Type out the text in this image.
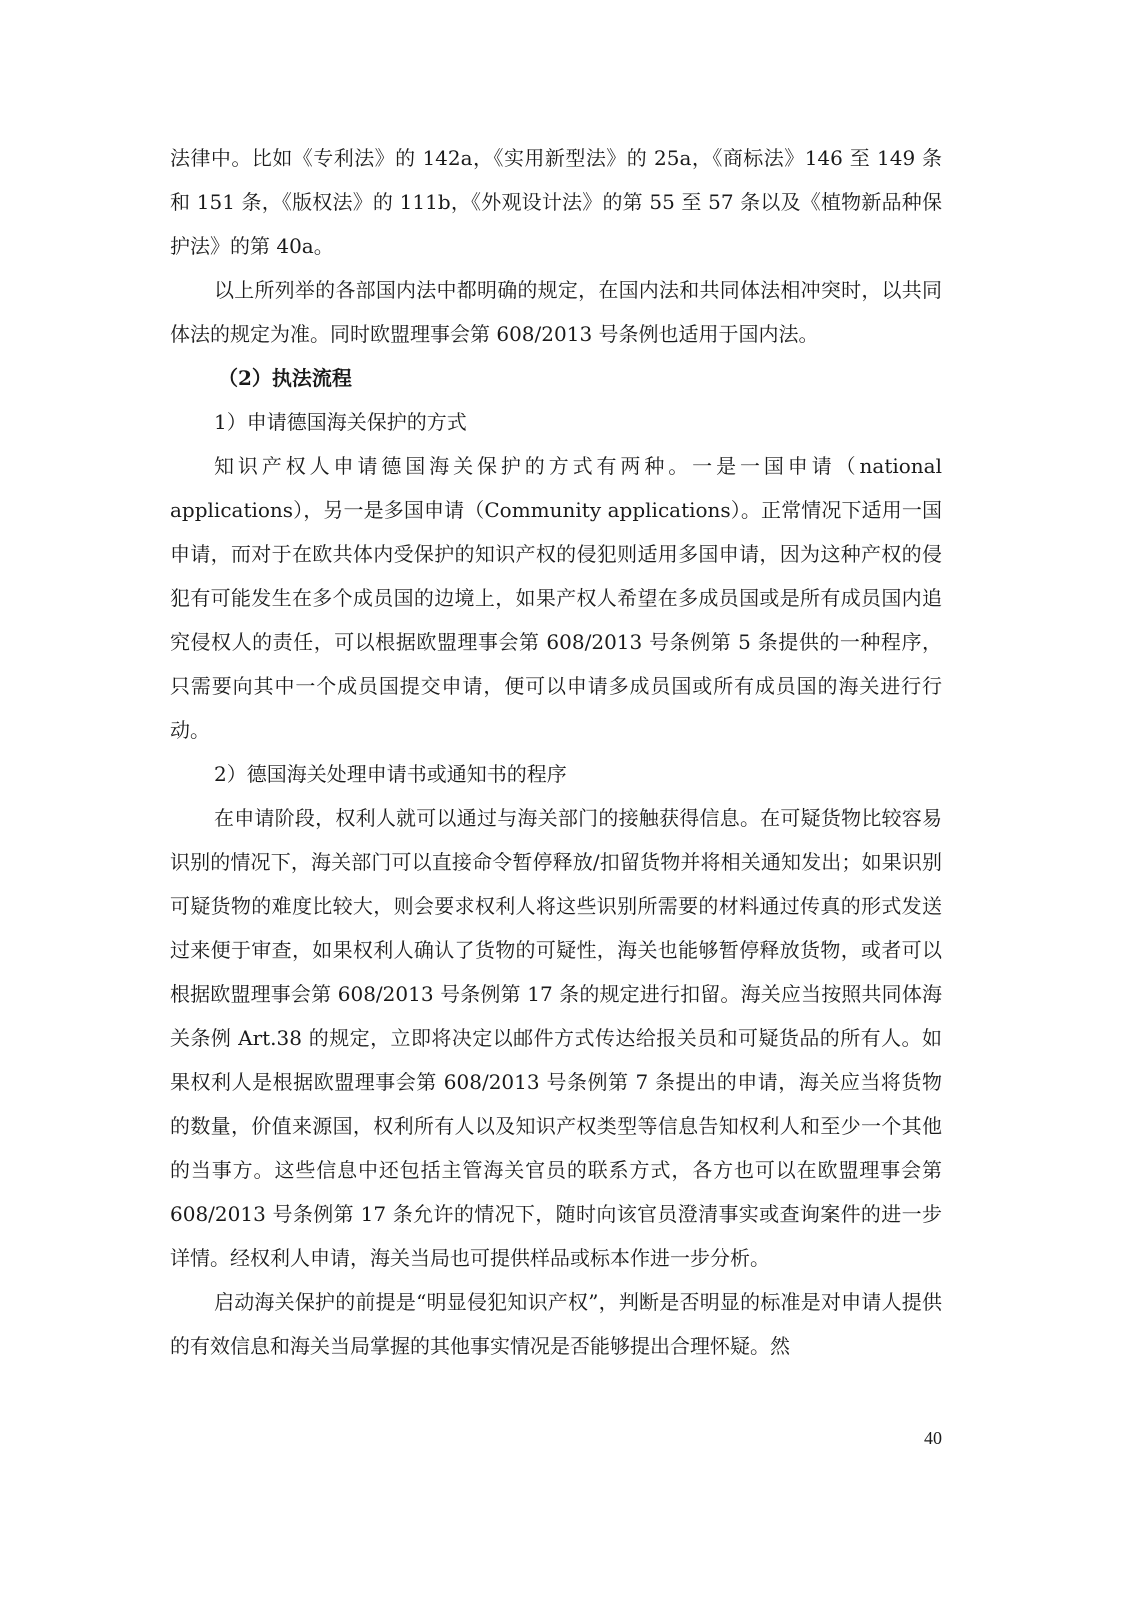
法律中。比如《专利法》的 142a，《实用新型法》的 25a，《商标法》146 至 149 条和 151 条，《版权法》的 111b，《外观设计法》的第 55 至 57 条以及《植物新品种保护法》的第 40a。

以上所列举的各部国内法中都明确的规定，在国内法和共同体法相冲突时，以共同体法的规定为准。同时欧盟理事会第 608/2013 号条例也适用于国内法。

（2）执法流程

1）申请德国海关保护的方式

知识产权人申请德国海关保护的方式有两种。一是一国申请（national applications），另一是多国申请（Community applications）。正常情况下适用一国申请，而对于在欧共体内受保护的知识产权的侵犯则适用多国申请，因为这种产权的侵犯有可能发生在多个成员国的边境上，如果产权人希望在多成员国或是所有成员国内追究侵权人的责任，可以根据欧盟理事会第 608/2013 号条例第 5 条提供的一种程序，只需要向其中一个成员国提交申请，便可以申请多成员国或所有成员国的海关进行行动。

2）德国海关处理申请书或通知书的程序

在申请阶段，权利人就可以通过与海关部门的接触获得信息。在可疑货物比较容易识别的情况下，海关部门可以直接命令暂停释放/扣留货物并将相关通知发出；如果识别可疑货物的难度比较大，则会要求权利人将这些识别所需要的材料通过传真的形式发送过来便于审查，如果权利人确认了货物的可疑性，海关也能够暂停释放货物，或者可以根据欧盟理事会第 608/2013 号条例第 17 条的规定进行扣留。海关应当按照共同体海关条例 Art.38 的规定，立即将决定以邮件方式传达给报关员和可疑货品的所有人。如果权利人是根据欧盟理事会第 608/2013 号条例第 7 条提出的申请，海关应当将货物的数量，价值来源国，权利所有人以及知识产权类型等信息告知权利人和至少一个其他的当事方。这些信息中还包括主管海关官员的联系方式，各方也可以在欧盟理事会第 608/2013 号条例第 17 条允许的情况下，随时向该官员澄清事实或查询案件的进一步详情。经权利人申请，海关当局也可提供样品或标本作进一步分析。

启动海关保护的前提是“明显侵犯知识产权”，判断是否明显的标准是对申请人提供的有效信息和海关当局掌握的其他事实情况是否能够提出合理怀疑。然

40
